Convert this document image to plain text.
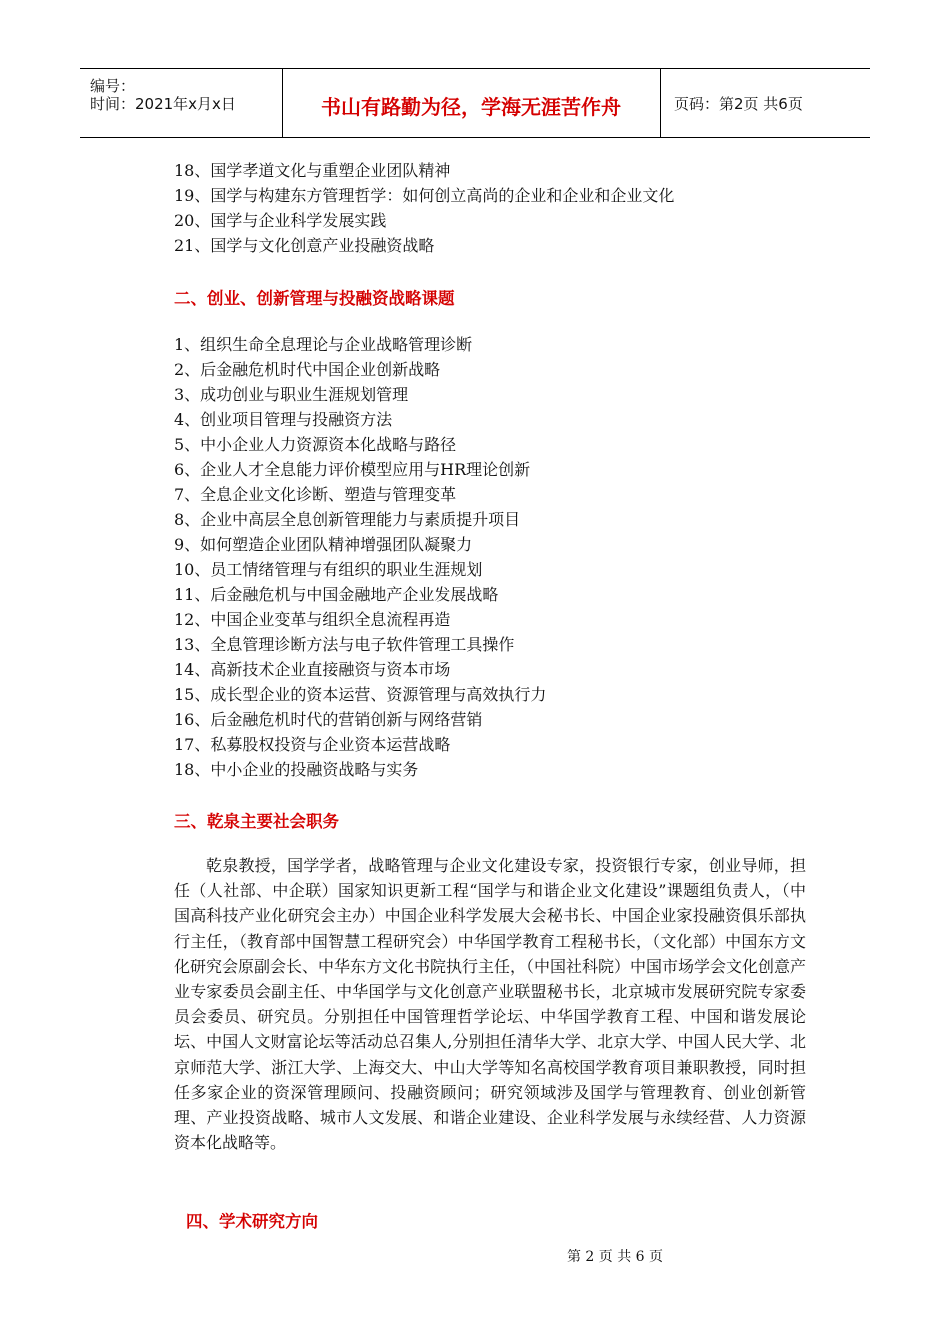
编号：
时间：2021年x月x日	书山有路勤为径，学海无涯苦作舟	页码：第2页 共6页
18、国学孝道文化与重塑企业团队精神
19、国学与构建东方管理哲学：如何创立高尚的企业和企业和企业文化
20、国学与企业科学发展实践
21、国学与文化创意产业投融资战略
二、创业、创新管理与投融资战略课题
1、组织生命全息理论与企业战略管理诊断
2、后金融危机时代中国企业创新战略
3、成功创业与职业生涯规划管理
4、创业项目管理与投融资方法
5、中小企业人力资源资本化战略与路径
6、企业人才全息能力评价模型应用与HR理论创新
7、全息企业文化诊断、塑造与管理变革
8、企业中高层全息创新管理能力与素质提升项目
9、如何塑造企业团队精神增强团队凝聚力
10、员工情绪管理与有组织的职业生涯规划
11、后金融危机与中国金融地产企业发展战略
12、中国企业变革与组织全息流程再造
13、全息管理诊断方法与电子软件管理工具操作
14、高新技术企业直接融资与资本市场
15、成长型企业的资本运营、资源管理与高效执行力
16、后金融危机时代的营销创新与网络营销
17、私募股权投资与企业资本运营战略
18、中小企业的投融资战略与实务
三、乾泉主要社会职务

乾泉教授，国学学者，战略管理与企业文化建设专家，投资银行专家，创业导师，担任（人社部、中企联）国家知识更新工程“国学与和谐企业文化建设”课题组负责人，（中国高科技产业化研究会主办）中国企业科学发展大会秘书长、中国企业家投融资俱乐部执行主任，（教育部中国智慧工程研究会）中华国学教育工程秘书长，（文化部）中国东方文化研究会原副会长、中华东方文化书院执行主任，（中国社科院）中国市场学会文化创意产业专家委员会副主任、中华国学与文化创意产业联盟秘书长，北京城市发展研究院专家委员会委员、研究员。分别担任中国管理哲学论坛、中华国学教育工程、中国和谐发展论坛、中国人文财富论坛等活动总召集人,分别担任清华大学、北京大学、中国人民大学、北京师范大学、浙江大学、上海交大、中山大学等知名高校国学教育项目兼职教授，同时担任多家企业的资深管理顾问、投融资顾问；研究领域涉及国学与管理教育、创业创新管理、产业投资战略、城市人文发展、和谐企业建设、企业科学发展与永续经营、人力资源资本化战略等。

四、学术研究方向
第 2 页 共 6 页
